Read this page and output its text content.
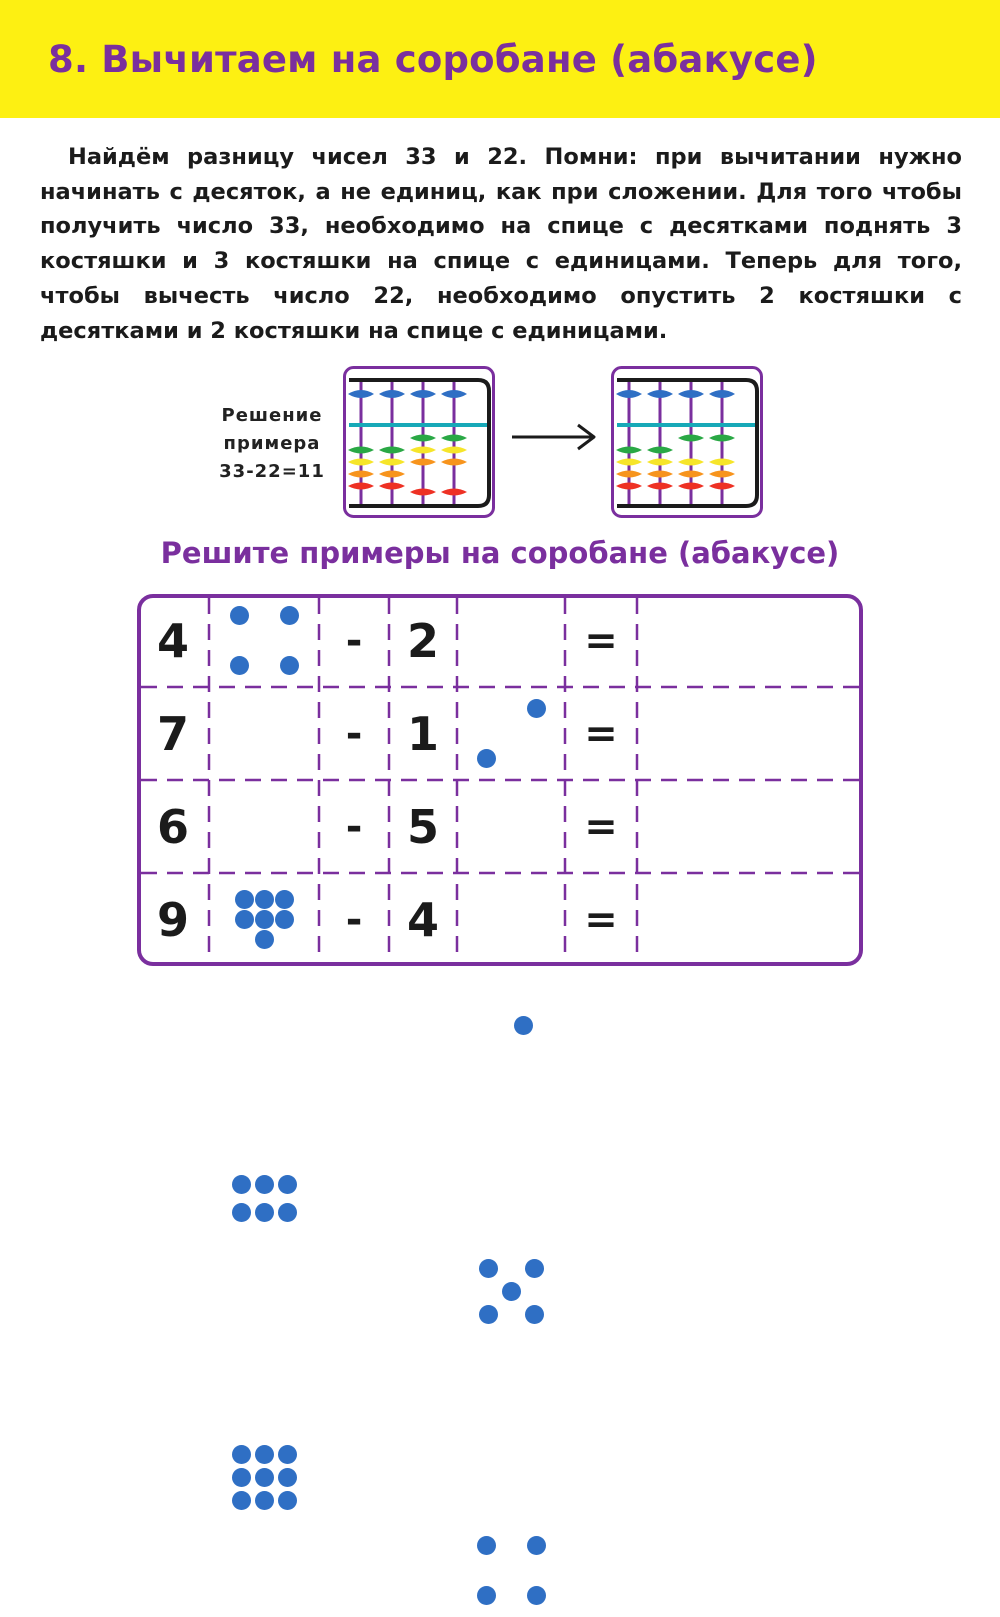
8. Вычитаем на соробане (абакусе)

Найдём разницу чисел 33 и 22. Помни: при вычитании нужно начинать с десяток, а не единиц, как при сложении. Для того чтобы получить число 33, необходимо на спице с десятками поднять 3 костяшки и 3 костяшки на спице с единицами. Теперь для того, чтобы вычесть число 22, необходимо опустить 2 костяшки с десятками и 2 костяшки на спице с единицами.

Решение
примера
33-22=11
Решите примеры на соробане (абакусе)
4	- 2	=
7	- 1	=
6	- 5	=
9	- 4	=
